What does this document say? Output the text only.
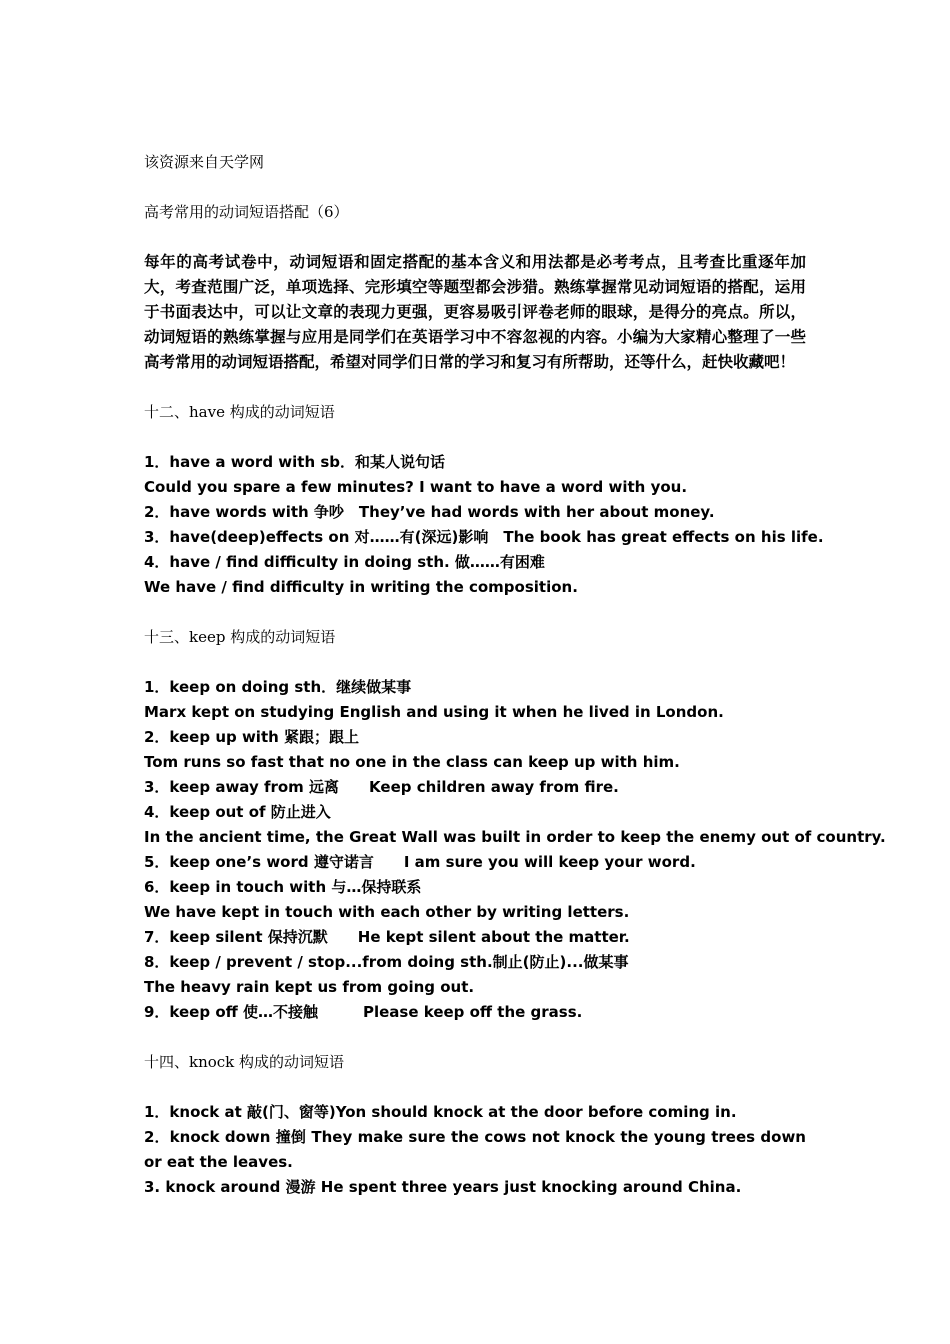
该资源来自天学网
高考常用的动词短语搭配（6）
每年的高考试卷中，动词短语和固定搭配的基本含义和用法都是必考考点，且考查比重逐年加大，考查范围广泛，单项选择、完形填空等题型都会涉猎。熟练掌握常见动词短语的搭配，运用于书面表达中，可以让文章的表现力更强，更容易吸引评卷老师的眼球，是得分的亮点。所以，动词短语的熟练掌握与应用是同学们在英语学习中不容忽视的内容。小编为大家精心整理了一些高考常用的动词短语搭配，希望对同学们日常的学习和复习有所帮助，还等什么，赶快收藏吧！
十二、have 构成的动词短语
1．have a word with sb．和某人说句话
Could you spare a few minutes? I want to have a word with you.
2．have words with 争吵　They’ve had words with her about money.
3．have(deep)effects on 对……有(深远)影响　The book has great effects on his life.
4．have / find difficulty in doing sth. 做……有困难
We have / find difficulty in writing the composition.
十三、keep 构成的动词短语
1．keep on doing sth．继续做某事
Marx kept on studying English and using it when he lived in London.
2．keep up with 紧跟；跟上
Tom runs so fast that no one in the class can keep up with him.
3．keep away from 远离　　Keep children away from fire.
4．keep out of 防止进入
In the ancient time, the Great Wall was built in order to keep the enemy out of country.
5．keep one’s word 遵守诺言　　I am sure you will keep your word.
6．keep in touch with 与…保持联系
We have kept in touch with each other by writing letters.
7．keep silent 保持沉默　　He kept silent about the matter.
8．keep / prevent / stop...from doing sth.制止(防止)...做某事
The heavy rain kept us from going out.
9．keep off 使…不接触　　　Please keep off the grass.
十四、knock 构成的动词短语
1．knock at 敲(门、窗等)Yon should knock at the door before coming in.
2．knock down 撞倒 They make sure the cows not knock the young trees down or eat the leaves.
3. knock around 漫游 He spent three years just knocking around China.
